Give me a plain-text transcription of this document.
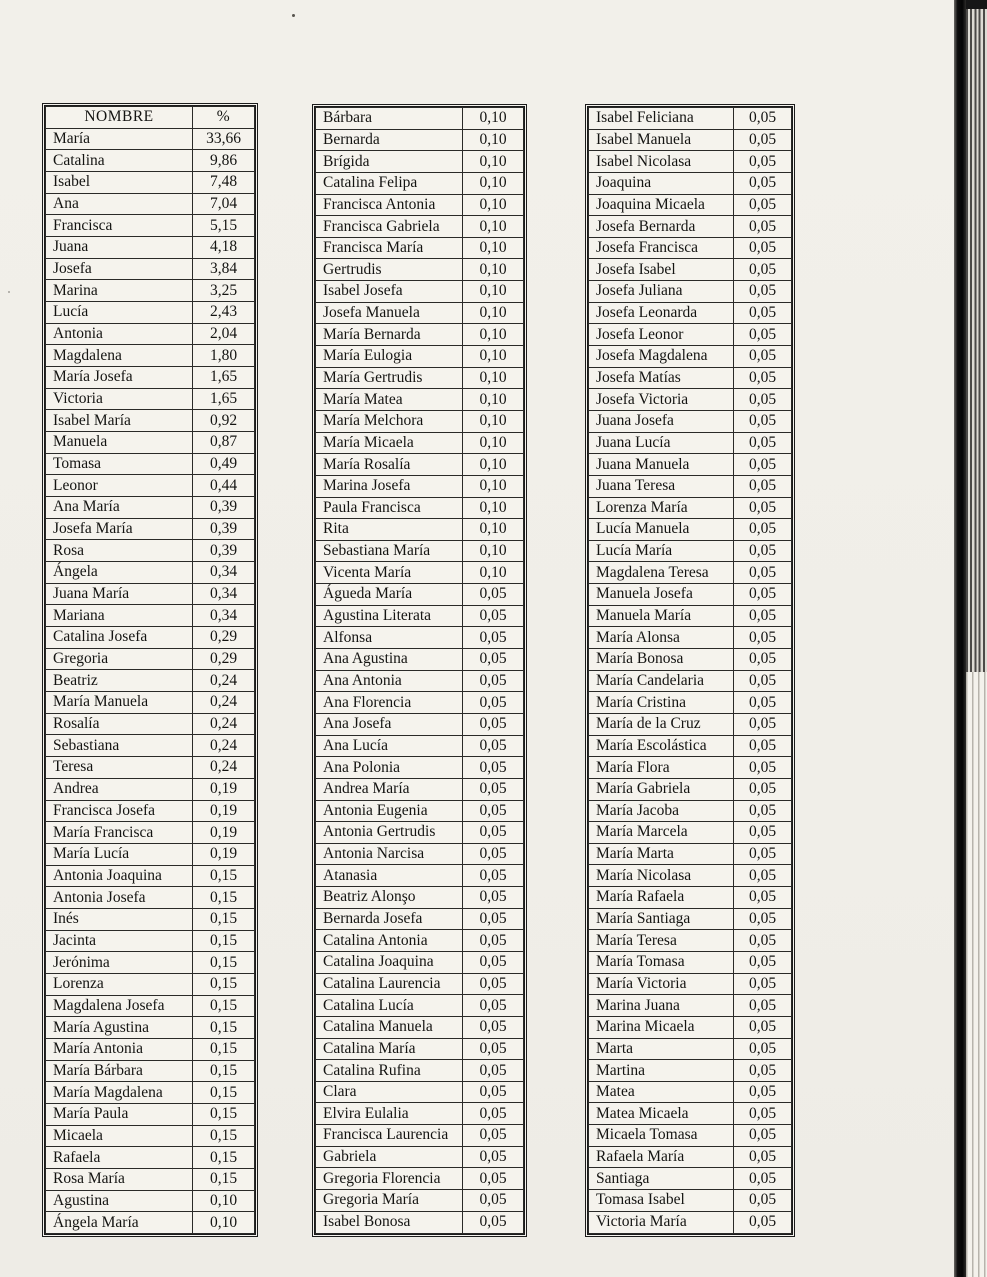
NOMBRE	%
María	33,66
Catalina	9,86
Isabel	7,48
Ana	7,04
Francisca	5,15
Juana	4,18
Josefa	3,84
Marina	3,25
Lucía	2,43
Antonia	2,04
Magdalena	1,80
María Josefa	1,65
Victoria	1,65
Isabel María	0,92
Manuela	0,87
Tomasa	0,49
Leonor	0,44
Ana María	0,39
Josefa María	0,39
Rosa	0,39
Ángela	0,34
Juana María	0,34
Mariana	0,34
Catalina Josefa	0,29
Gregoria	0,29
Beatriz	0,24
María Manuela	0,24
Rosalía	0,24
Sebastiana	0,24
Teresa	0,24
Andrea	0,19
Francisca Josefa	0,19
María Francisca	0,19
María Lucía	0,19
Antonia Joaquina	0,15
Antonia Josefa	0,15
Inés	0,15
Jacinta	0,15
Jerónima	0,15
Lorenza	0,15
Magdalena Josefa	0,15
María Agustina	0,15
María Antonia	0,15
María Bárbara	0,15
María Magdalena	0,15
María Paula	0,15
Micaela	0,15
Rafaela	0,15
Rosa María	0,15
Agustina	0,10
Ángela María	0,10
Bárbara	0,10
Bernarda	0,10
Brígida	0,10
Catalina Felipa	0,10
Francisca Antonia	0,10
Francisca Gabriela	0,10
Francisca María	0,10
Gertrudis	0,10
Isabel Josefa	0,10
Josefa Manuela	0,10
María Bernarda	0,10
María Eulogia	0,10
María Gertrudis	0,10
María Matea	0,10
María Melchora	0,10
María Micaela	0,10
María Rosalía	0,10
Marina Josefa	0,10
Paula Francisca	0,10
Rita	0,10
Sebastiana María	0,10
Vicenta María	0,10
Águeda María	0,05
Agustina Literata	0,05
Alfonsa	0,05
Ana Agustina	0,05
Ana Antonia	0,05
Ana Florencia	0,05
Ana Josefa	0,05
Ana Lucía	0,05
Ana Polonia	0,05
Andrea María	0,05
Antonia Eugenia	0,05
Antonia Gertrudis	0,05
Antonia Narcisa	0,05
Atanasia	0,05
Beatriz Alonşo	0,05
Bernarda Josefa	0,05
Catalina Antonia	0,05
Catalina Joaquina	0,05
Catalina Laurencia	0,05
Catalina Lucía	0,05
Catalina Manuela	0,05
Catalina María	0,05
Catalina Rufina	0,05
Clara	0,05
Elvira Eulalia	0,05
Francisca Laurencia	0,05
Gabriela	0,05
Gregoria Florencia	0,05
Gregoria María	0,05
Isabel Bonosa	0,05
Isabel Feliciana	0,05
Isabel Manuela	0,05
Isabel Nicolasa	0,05
Joaquina	0,05
Joaquina Micaela	0,05
Josefa Bernarda	0,05
Josefa Francisca	0,05
Josefa Isabel	0,05
Josefa Juliana	0,05
Josefa Leonarda	0,05
Josefa Leonor	0,05
Josefa Magdalena	0,05
Josefa Matías	0,05
Josefa Victoria	0,05
Juana Josefa	0,05
Juana Lucía	0,05
Juana Manuela	0,05
Juana Teresa	0,05
Lorenza María	0,05
Lucía Manuela	0,05
Lucía María	0,05
Magdalena Teresa	0,05
Manuela Josefa	0,05
Manuela María	0,05
María Alonsa	0,05
María Bonosa	0,05
María Candelaria	0,05
María Cristina	0,05
María de la Cruz	0,05
María Escolástica	0,05
María Flora	0,05
María Gabriela	0,05
María Jacoba	0,05
María Marcela	0,05
María Marta	0,05
María Nicolasa	0,05
María Rafaela	0,05
María Santiaga	0,05
María Teresa	0,05
María Tomasa	0,05
María Victoria	0,05
Marina Juana	0,05
Marina Micaela	0,05
Marta	0,05
Martina	0,05
Matea	0,05
Matea Micaela	0,05
Micaela Tomasa	0,05
Rafaela María	0,05
Santiaga	0,05
Tomasa Isabel	0,05
Victoria María	0,05
